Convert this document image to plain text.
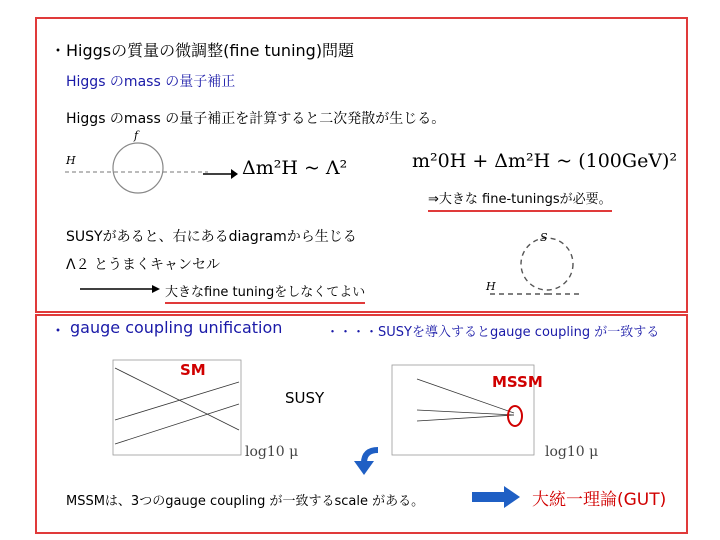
・ Higgsの質量の微調整(fine tuning)問題
Higgs のmass の量子補正
Higgs のmass の量子補正を計算すると二次発散が生じる。
H
f
Δm²H ~ Λ²	m²0H + Δm²H ~ (100GeV)²
⇒大きな fine-tuningsが必要。
SUSYがあると、右にあるdiagramから生じる
Λ２ とうまくキャンセル
大きなfine tuningをしなくてよい
S
H
・ gauge coupling unification	・・・・SUSYを導入するとgauge coupling が一致する
SM
SUSY
log10 μ
MSSM
log10 μ
MSSMは、3つのgauge coupling が一致するscale がある。	大統一理論(GUT)
